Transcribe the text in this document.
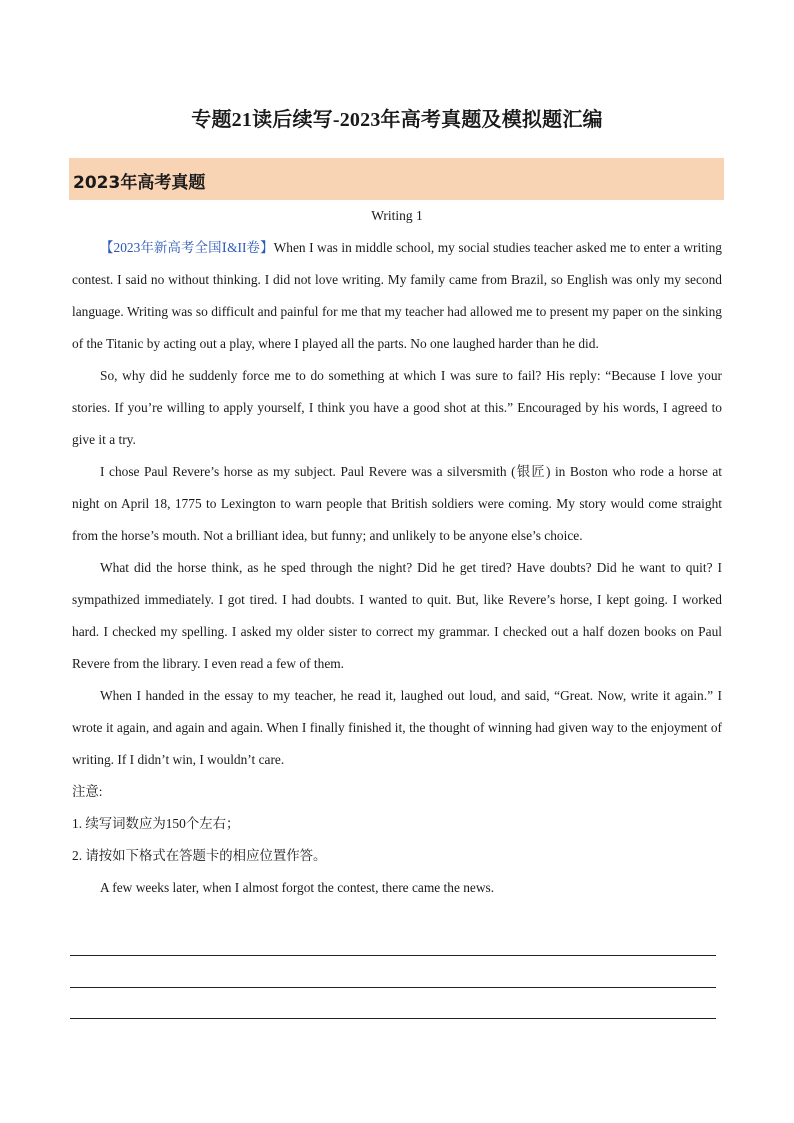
专题21读后续写-2023年高考真题及模拟题汇编
2023年高考真题
Writing 1

【2023年新高考全国Ⅰ&II卷】When I was in middle school, my social studies teacher asked me to enter a writing contest. I said no without thinking. I did not love writing. My family came from Brazil, so English was only my second language. Writing was so difficult and painful for me that my teacher had allowed me to present my paper on the sinking of the Titanic by acting out a play, where I played all the parts. No one laughed harder than he did.

So, why did he suddenly force me to do something at which I was sure to fail? His reply: “Because I love your stories. If you’re willing to apply yourself, I think you have a good shot at this.” Encouraged by his words, I agreed to give it a try.

I chose Paul Revere’s horse as my subject. Paul Revere was a silversmith (银匠) in Boston who rode a horse at night on April 18, 1775 to Lexington to warn people that British soldiers were coming. My story would come straight from the horse’s mouth. Not a brilliant idea, but funny; and unlikely to be anyone else’s choice.

What did the horse think, as he sped through the night? Did he get tired? Have doubts? Did he want to quit? I sympathized immediately. I got tired. I had doubts. I wanted to quit. But, like Revere’s horse, I kept going. I worked hard. I checked my spelling. I asked my older sister to correct my grammar. I checked out a half dozen books on Paul Revere from the library. I even read a few of them.

When I handed in the essay to my teacher, he read it, laughed out loud, and said, “Great. Now, write it again.” I wrote it again, and again and again. When I finally finished it, the thought of winning had given way to the enjoyment of writing. If I didn’t win, I wouldn’t care.

注意:

1. 续写词数应为150个左右；

2. 请按如下格式在答题卡的相应位置作答。

A few weeks later, when I almost forgot the contest, there came the news.
